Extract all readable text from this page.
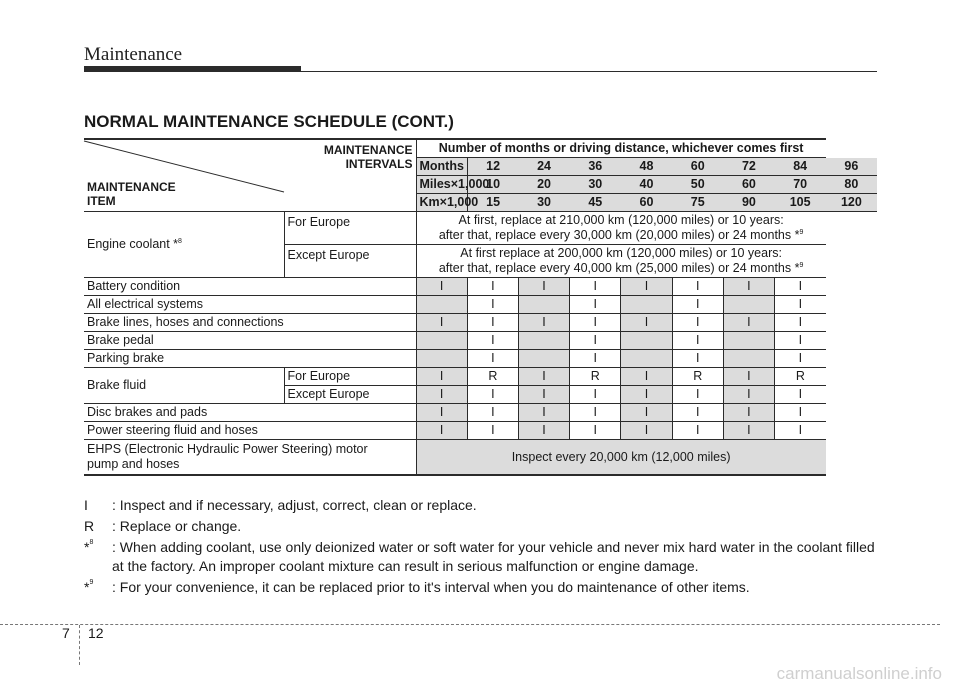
Maintenance
NORMAL MAINTENANCE SCHEDULE (CONT.)
MAINTENANCE
INTERVALS
MAINTENANCE
ITEM		Number of months or driving distance, whichever comes first								
		Months	12	24	36	48	60	72	84	96
		Miles×1,000	10	20	30	40	50	60	70	80
		Km×1,000	15	30	45	60	75	90	105	120
Engine coolant *$^8$	For Europe	At first, replace at 210,000 km (120,000 miles) or 10 years:
after that, replace every 30,000 km (20,000 miles) or 24 months *$^9$

	Except Europe	At first replace at 200,000 km (120,000 miles) or 10 years:
after that, replace every 40,000 km (25,000 miles) or 24 months *$^9$

Battery condition		I	I	I	I	I	I	I	I	
All electrical systems			I		I		I		I	
Brake lines, hoses and connections		I	I	I	I	I	I	I	I	
Brake pedal			I		I		I		I	
Parking brake			I		I		I		I	
Brake fluid	For Europe	I	R	I	R	I	R	I	R	
	Except Europe	I	I	I	I	I	I	I	I	
Disc brakes and pads		I	I	I	I	I	I	I	I	
Power steering fluid and hoses		I	I	I	I	I	I	I	I	

EHPS (Electronic Hydraulic Power Steering) motor
pump and hoses		Inspect every 20,000 km (12,000 miles)								
I	: Inspect and if necessary, adjust, correct, clean or replace.
R	: Replace or change.
*$^8$	: When adding coolant, use only deionized water or soft water for your vehicle and never mix hard water in the coolant filled at the factory. An improper coolant mixture can result in serious malfunction or engine damage.
*$^9$	: For your convenience, it can be replaced prior to it's interval when you do maintenance of other items.
7 12
carmanualsonline.info
